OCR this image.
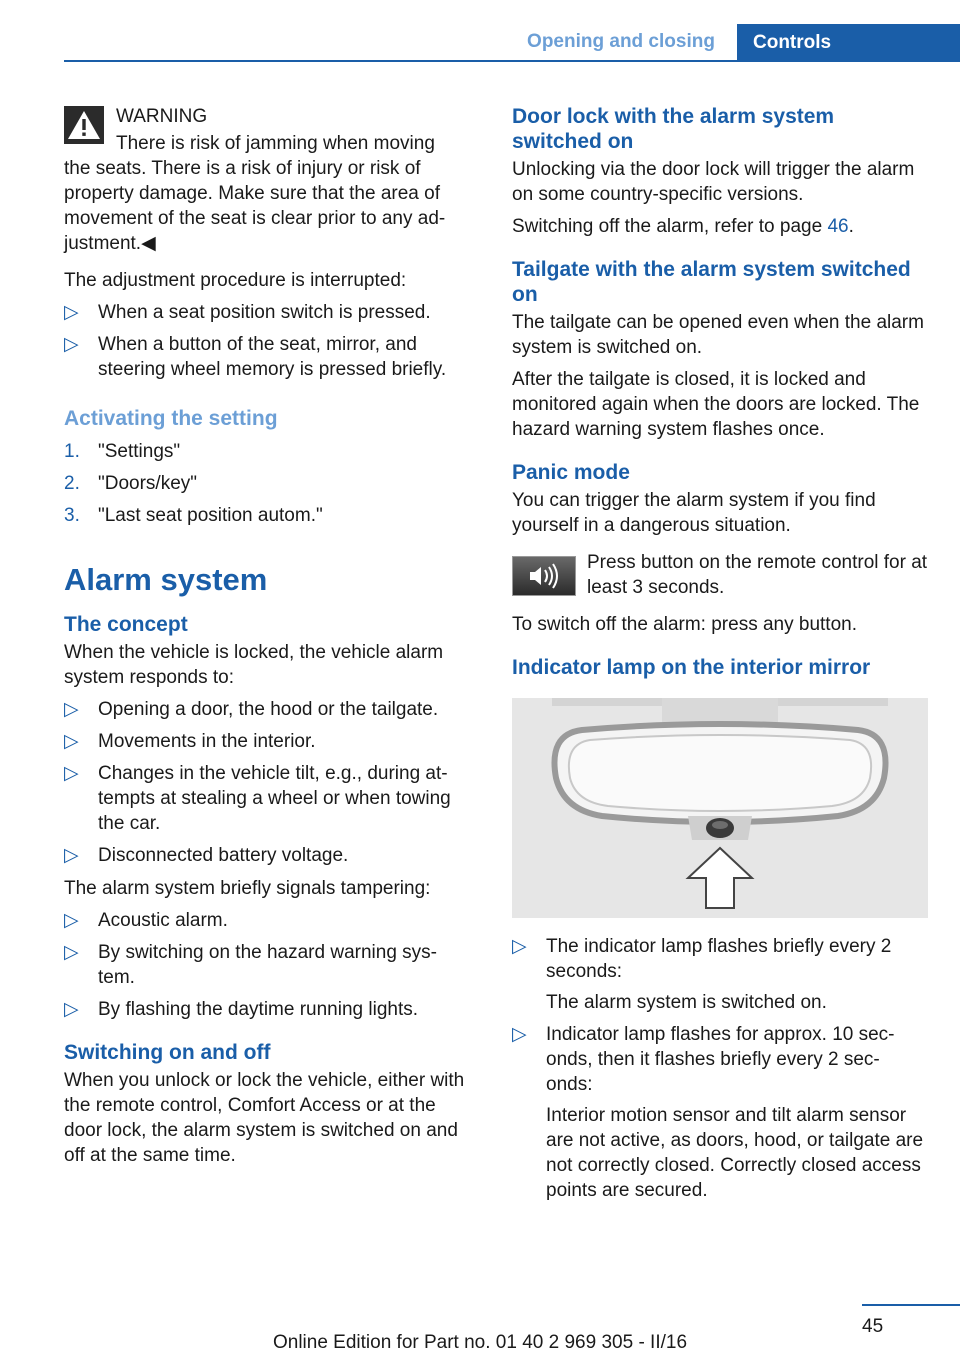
Opening and closing	Controls
WARNING
There is risk of jamming when moving

the seats. There is a risk of injury or risk of property damage. Make sure that the area of movement of the seat is clear prior to any ad‐ justment.◀

The adjustment procedure is interrupted:

▷ When a seat position switch is pressed.
▷ When a button of the seat, mirror, and steering wheel memory is pressed briefly.
Activating the setting
1. "Settings"
2. "Doors/key"
3. "Last seat position autom."
Alarm system
The concept

When the vehicle is locked, the vehicle alarm system responds to:

▷ Opening a door, the hood or the tailgate.
▷ Movements in the interior.
▷ Changes in the vehicle tilt, e.g., during at‐ tempts at stealing a wheel or when towing the car.
▷ Disconnected battery voltage.

The alarm system briefly signals tampering:

▷ Acoustic alarm.
▷ By switching on the hazard warning sys‐ tem.
▷ By flashing the daytime running lights.
Switching on and off

When you unlock or lock the vehicle, either with the remote control, Comfort Access or at the door lock, the alarm system is switched on and off at the same time.

Door lock with the alarm system switched on

Unlocking via the door lock will trigger the alarm on some country-specific versions.

Switching off the alarm, refer to page 46.

Tailgate with the alarm system switched on

The tailgate can be opened even when the alarm system is switched on.

After the tailgate is closed, it is locked and monitored again when the doors are locked. The hazard warning system flashes once.

Panic mode

You can trigger the alarm system if you find yourself in a dangerous situation.

Press button on the remote control for at least 3 seconds.

To switch off the alarm: press any button.

Indicator lamp on the interior mirror
▷ The indicator lamp flashes briefly every 2 seconds:
The alarm system is switched on.
▷ Indicator lamp flashes for approx. 10 sec‐ onds, then it flashes briefly every 2 sec‐ onds:
Interior motion sensor and tilt alarm sensor are not active, as doors, hood, or tailgate are not correctly closed. Correctly closed access points are secured.
45
Online Edition for Part no. 01 40 2 969 305 - II/16
